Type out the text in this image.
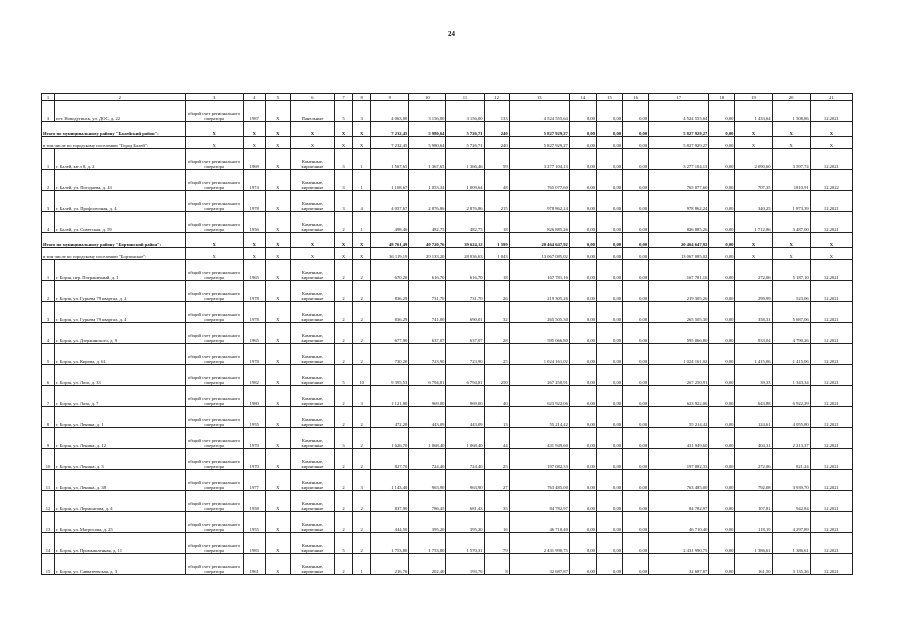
24
1	2	3	4	5	6	7	8	9	10	11	12	13	14	15	16	17	18	19	20	21
3	пгт. Новодугинск, ул. ДОС, д. 22	общий счет регионального оператора	1987	Х	Панельные	5	3	4 063,00	3 156,00	3 156,00	133	4 524 555,64	0,00	0,00	0,00	4 524 555,64	0,00	1 433,64	1 508,86	12.2021
Итого по муниципальному району "Балейский район":		Х	Х	Х	Х	Х	Х	7 232,45	5 980,64	5 726,71	240	5 827 929,27	0,00	0,00	0,00	5 827 929,27	0,00	Х	Х	Х
в том числе по городскому поселению "Город Балей":		Х	Х	Х	Х	Х	Х	7 232,45	5 980,64	5 726,71	240	5 827 929,27	0,00	0,00	0,00	5 827 929,27	0,00	Х	Х	Х
1	г. Балей, кв-л 8, д. 2	общий счет регионального оператора	1969	Х	Каменные, кирпичные	3	1	1 567,65	1 367,65	1 366,46	59	3 277 104,13	0,00	0,00	0,00	3 277 104,13	0,00	2 090,60	3 597,74	12.2021
2	г. Балей, ул. Погодаева, д. 43	общий счет регионального оператора	1974	Х	Каменные, кирпичные	3	1	1 108,67	1 053,34	1 009,64	48	765 077,60	0,00	0,00	0,00	765 077,60	0,00	707,35	1810,91	12.2022
3	г. Балей, ул. Профсоюзная, д. 4	общий счет регионального оператора	1978	Х	Каменные, кирпичные	3	4	4 057,67	2 876,86	2 876,86	215	978 862,24	0,00	0,00	0,00	978 862,24	0,00	340,25	1 873,39	12.2021
4	г. Балей, ул. Советская, д. 59	общий счет регионального оператора	1956	Х	Каменные, кирпичные	2	1	498,46	482,75	482,75	18	826 885,26	0,00	0,00	0,00	826 885,26	0,00	1 712,86	3 487,00	12.2021
Итого по муниципальному району "Борзинский район":		Х	Х	Х	Х	Х	Х	48 761,49	40 720,76	39 624,12	1 599	20 464 647,92	0,00	0,00	0,00	20 464 647,92	0,00	Х	Х	Х
в том числе по городскому поселению "Борзинское":		Х	Х	Х	Х	Х	Х	36 119,19	29 133,20	28 036,63	1 043	13 067 085,02	0,00	0,00	0,00	13 067 085,02	0,00	Х	Х	Х
1	г. Борзя, пер. Пограничный, д. 1	общий счет регионального оператора	1965	Х	Каменные, кирпичные	2	2	670,20	616,70	616,70	18	167 781,16	0,00	0,00	0,00	167 781,16	0,00	272,06	5 187,10	12.2021
2	г. Борзя, ул. Гурьева 79 квартал, д. 2	общий счет регионального оператора	1978	Х	Каменные, кирпичные	2	2	836,29	731,70	731,70	26	219 305,26	0,00	0,00	0,00	219 305,26	0,00	299,99	523,06	12.2021
3	г. Борзя, ул. Гурьева 79 квартал, д. 4	общий счет регионального оператора	1978	Х	Каменные, кирпичные	2	2	836,29	741,00	690,01	32	265 505,30	0,00	0,00	0,00	265 505,30	0,00	358,31	5 687,06	12.2021
4	г. Борзя, ул. Дзержинского, д. 9	общий счет регионального оператора	1965	Х	Каменные, кирпичные	2	2	677,90	637,07	637,07	28	595 066,80	0,00	0,00	0,00	595 066,80	0,00	933,04	4 790,26	12.2021
5	г. Борзя, ул. Кирова, д. 61	общий счет регионального оператора	1978	Х	Каменные, кирпичные	2	2	730,20	723,90	723,90	25	1 024 161,02	0,00	0,00	0,00	1 024 161,02	0,00	1 415,06	1 415,06	12.2021
6	г. Борзя, ул. Лазо, д. 33	общий счет регионального оператора	1982	Х	Каменные, кирпичные	5	10	9 395,53	6 794,81	6 794,81	250	267 250,91	0,00	0,00	0,00	267 250,91	0,00	39,33	1 343,34	12.2021
7	г. Борзя, ул. Лазо, д. 7	общий счет регионального оператора	1980	Х	Каменные, кирпичные	2	3	1 121,80	969,00	969,00	40	623 922,06	0,00	0,00	0,00	623 922,06	0,00	643,88	6 922,29	12.2021
8	г. Борзя, ул. Ленина, д. 1	общий счет регионального оператора	1955	Х	Каменные, кирпичные	2	2	472,20	443,09	443,09	13	55 214,42	0,00	0,00	0,00	55 214,42	0,00	124,61	4 055,80	12.2021
9	г. Борзя, ул. Ленина, д. 12	общий счет регионального оператора	1970	Х	Каменные, кирпичные	3	2	1 626,70	1 068,40	1 068,40	44	431 949,60	0,00	0,00	0,00	431 949,60	0,00	404,31	2 213,37	12.2021
10	г. Борзя, ул. Ленина, д. 3	общий счет регионального оператора	1970	Х	Каменные, кирпичные	2	2	827,70	724,40	724,40	25	197 082,33	0,00	0,00	0,00	197 082,33	0,00	272,06	821,24	12.2021
11	г. Борзя, ул. Ленина, д. 38	общий счет регионального оператора	1977	Х	Каменные, кирпичные	2	3	1 143,40	963,90	963,90	27	763 485,00	0,00	0,00	0,00	763 485,00	0,00	792,08	3 939,70	12.2021
12	г. Борзя, ул. Лермонтова, д. 4	общий счет регионального оператора	1958	Х	Каменные, кирпичные	2	2	837,90	786,45	681,43	35	84 782,97	0,00	0,00	0,00	84 782,97	0,00	107,81	942,84	12.2021
13	г. Борзя, ул. Матросова, д. 25	общий счет регионального оператора	1955	Х	Каменные, кирпичные	2	2	444,50	395,20	395,20	16	46 710,40	0,00	0,00	0,00	46 710,40	0,00	118,19	4 297,89	12.2021
14	г. Борзя, ул. Промышленная, д. 11	общий счет регионального оператора	1983	Х	Каменные, кирпичные	5	2	1 753,80	1 753,80	1 570,31	79	2 431 990,75	0,00	0,00	0,00	2 431 990,75	0,00	1 386,61	1 386,61	12.2021
15	г. Борзя, ул. Савватеевская, д. 3	общий счет регионального оператора	1961	Х	Каменные, кирпичные	2	1	216,76	202,40	193,76	8	32 687,87	0,00	0,00	0,00	32 687,87	0,00	161,50	3 135,26	12.2021
